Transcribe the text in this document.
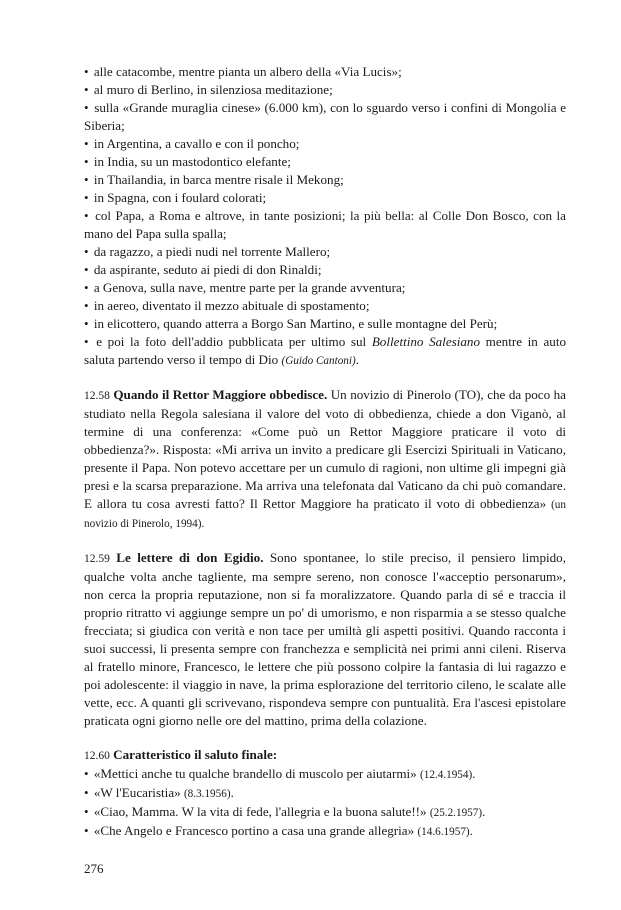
• alle catacombe, mentre pianta un albero della «Via Lucis»;
• al muro di Berlino, in silenziosa meditazione;
• sulla «Grande muraglia cinese» (6.000 km), con lo sguardo verso i confini di Mongolia e Siberia;
• in Argentina, a cavallo e con il poncho;
• in India, su un mastodontico elefante;
• in Thailandia, in barca mentre risale il Mekong;
• in Spagna, con i foulard colorati;
• col Papa, a Roma e altrove, in tante posizioni; la più bella: al Colle Don Bosco, con la mano del Papa sulla spalla;
• da ragazzo, a piedi nudi nel torrente Mallero;
• da aspirante, seduto ai piedi di don Rinaldi;
• a Genova, sulla nave, mentre parte per la grande avventura;
• in aereo, diventato il mezzo abituale di spostamento;
• in elicottero, quando atterra a Borgo San Martino, e sulle montagne del Perù;
• e poi la foto dell'addio pubblicata per ultimo sul Bollettino Salesiano mentre in auto saluta partendo verso il tempo di Dio (Guido Cantoni).

12.58 Quando il Rettor Maggiore obbedisce. Un novizio di Pinerolo (TO), che da poco ha studiato nella Regola salesiana il valore del voto di obbedienza, chiede a don Viganò, al termine di una conferenza: «Come può un Rettor Maggiore praticare il voto di obbedienza?». Risposta: «Mi arriva un invito a predicare gli Esercizi Spirituali in Vaticano, presente il Papa. Non potevo accettare per un cumulo di ragioni, non ultime gli impegni già presi e la scarsa preparazione. Ma arriva una telefonata dal Vaticano da chi può comandare. E allora tu cosa avresti fatto? Il Rettor Maggiore ha praticato il voto di obbedienza» (un novizio di Pinerolo, 1994).

12.59 Le lettere di don Egidio. Sono spontanee, lo stile preciso, il pensiero limpido, qualche volta anche tagliente, ma sempre sereno, non conosce l'«acceptio personarum», non cerca la propria reputazione, non si fa moralizzatore. Quando parla di sé e traccia il proprio ritratto vi aggiunge sempre un po' di umorismo, e non risparmia a se stesso qualche frecciata; si giudica con verità e non tace per umiltà gli aspetti positivi. Quando racconta i suoi successi, li presenta sempre con franchezza e semplicità nei primi anni cileni. Riserva al fratello minore, Francesco, le lettere che più possono colpire la fantasia di lui ragazzo e poi adolescente: il viaggio in nave, la prima esplorazione del territorio cileno, le scalate alle vette, ecc. A quanti gli scrivevano, rispondeva sempre con puntualità. Era l'ascesi epistolare praticata ogni giorno nelle ore del mattino, prima della colazione.

12.60 Caratteristico il saluto finale:
• «Mettici anche tu qualche brandello di muscolo per aiutarmi» (12.4.1954).
• «W l'Eucaristia» (8.3.1956).
• «Ciao, Mamma. W la vita di fede, l'allegria e la buona salute!!» (25.2.1957).
• «Che Angelo e Francesco portino a casa una grande allegria» (14.6.1957).
276
